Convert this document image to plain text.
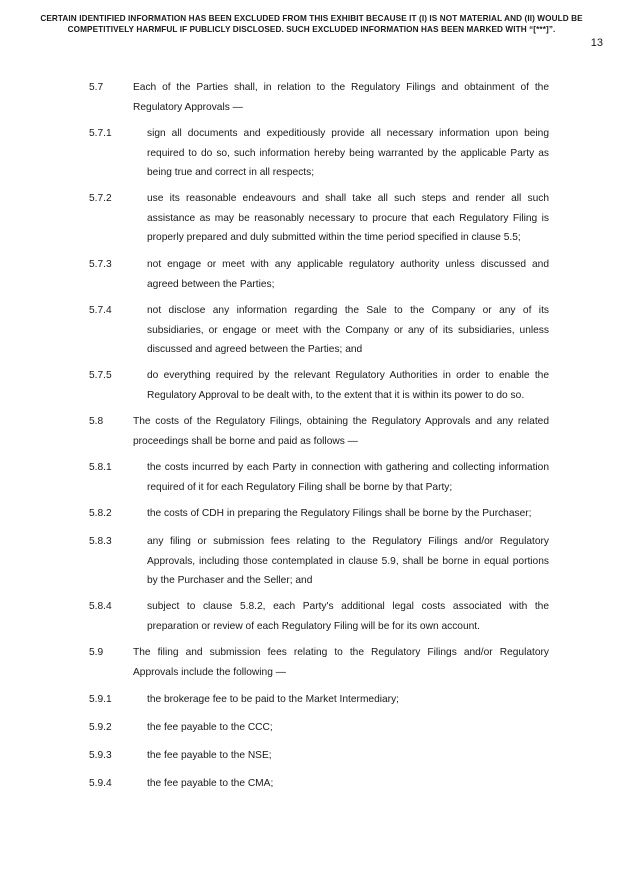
CERTAIN IDENTIFIED INFORMATION HAS BEEN EXCLUDED FROM THIS EXHIBIT BECAUSE IT (I) IS NOT MATERIAL AND (II) WOULD BE COMPETITIVELY HARMFUL IF PUBLICLY DISCLOSED. SUCH EXCLUDED INFORMATION HAS BEEN MARKED WITH “[***]”.
13
5.7	Each of the Parties shall, in relation to the Regulatory Filings and obtainment of the Regulatory Approvals —
5.7.1	sign all documents and expeditiously provide all necessary information upon being required to do so, such information hereby being warranted by the applicable Party as being true and correct in all respects;
5.7.2	use its reasonable endeavours and shall take all such steps and render all such assistance as may be reasonably necessary to procure that each Regulatory Filing is properly prepared and duly submitted within the time period specified in clause 5.5;
5.7.3	not engage or meet with any applicable regulatory authority unless discussed and agreed between the Parties;
5.7.4	not disclose any information regarding the Sale to the Company or any of its subsidiaries, or engage or meet with the Company or any of its subsidiaries, unless discussed and agreed between the Parties; and
5.7.5	do everything required by the relevant Regulatory Authorities in order to enable the Regulatory Approval to be dealt with, to the extent that it is within its power to do so.
5.8	The costs of the Regulatory Filings, obtaining the Regulatory Approvals and any related proceedings shall be borne and paid as follows —
5.8.1	the costs incurred by each Party in connection with gathering and collecting information required of it for each Regulatory Filing shall be borne by that Party;
5.8.2	the costs of CDH in preparing the Regulatory Filings shall be borne by the Purchaser;
5.8.3	any filing or submission fees relating to the Regulatory Filings and/or Regulatory Approvals, including those contemplated in clause 5.9, shall be borne in equal portions by the Purchaser and the Seller; and
5.8.4	subject to clause 5.8.2, each Party's additional legal costs associated with the preparation or review of each Regulatory Filing will be for its own account.
5.9	The filing and submission fees relating to the Regulatory Filings and/or Regulatory Approvals include the following —
5.9.1	the brokerage fee to be paid to the Market Intermediary;
5.9.2	the fee payable to the CCC;
5.9.3	the fee payable to the NSE;
5.9.4	the fee payable to the CMA;
